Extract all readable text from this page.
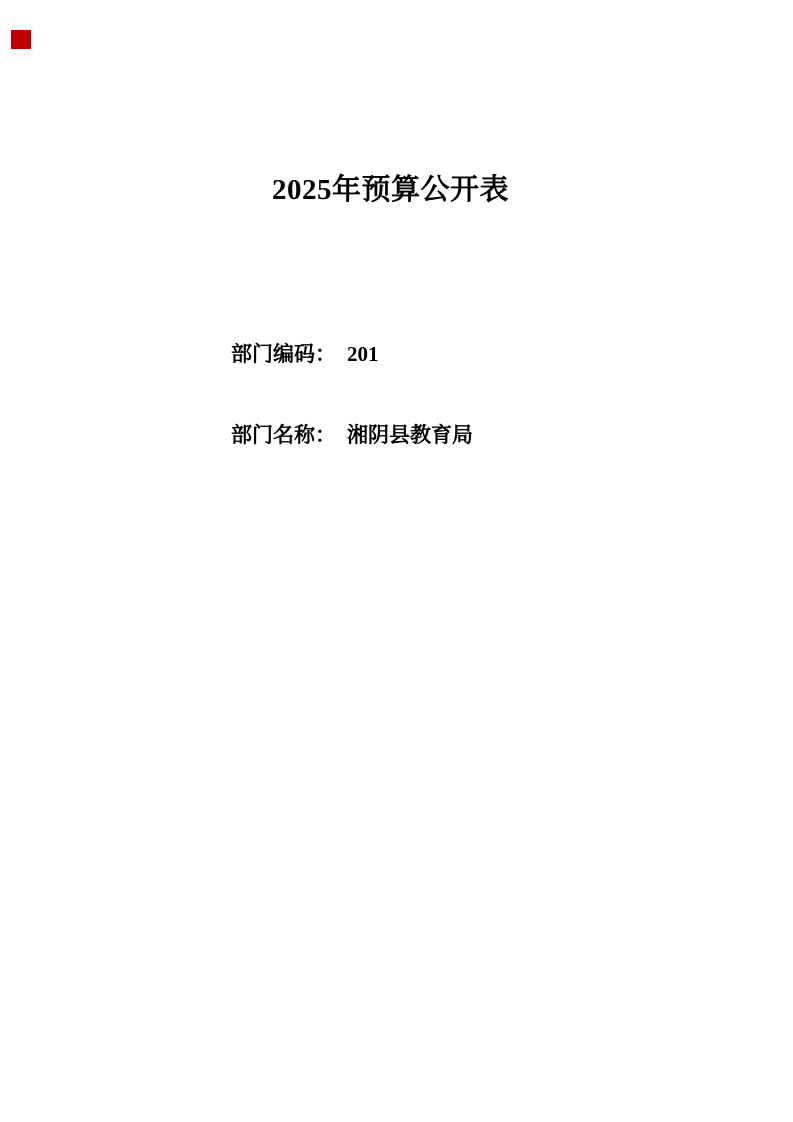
2025年预算公开表
部门编码： 201
部门名称： 湘阴县教育局
